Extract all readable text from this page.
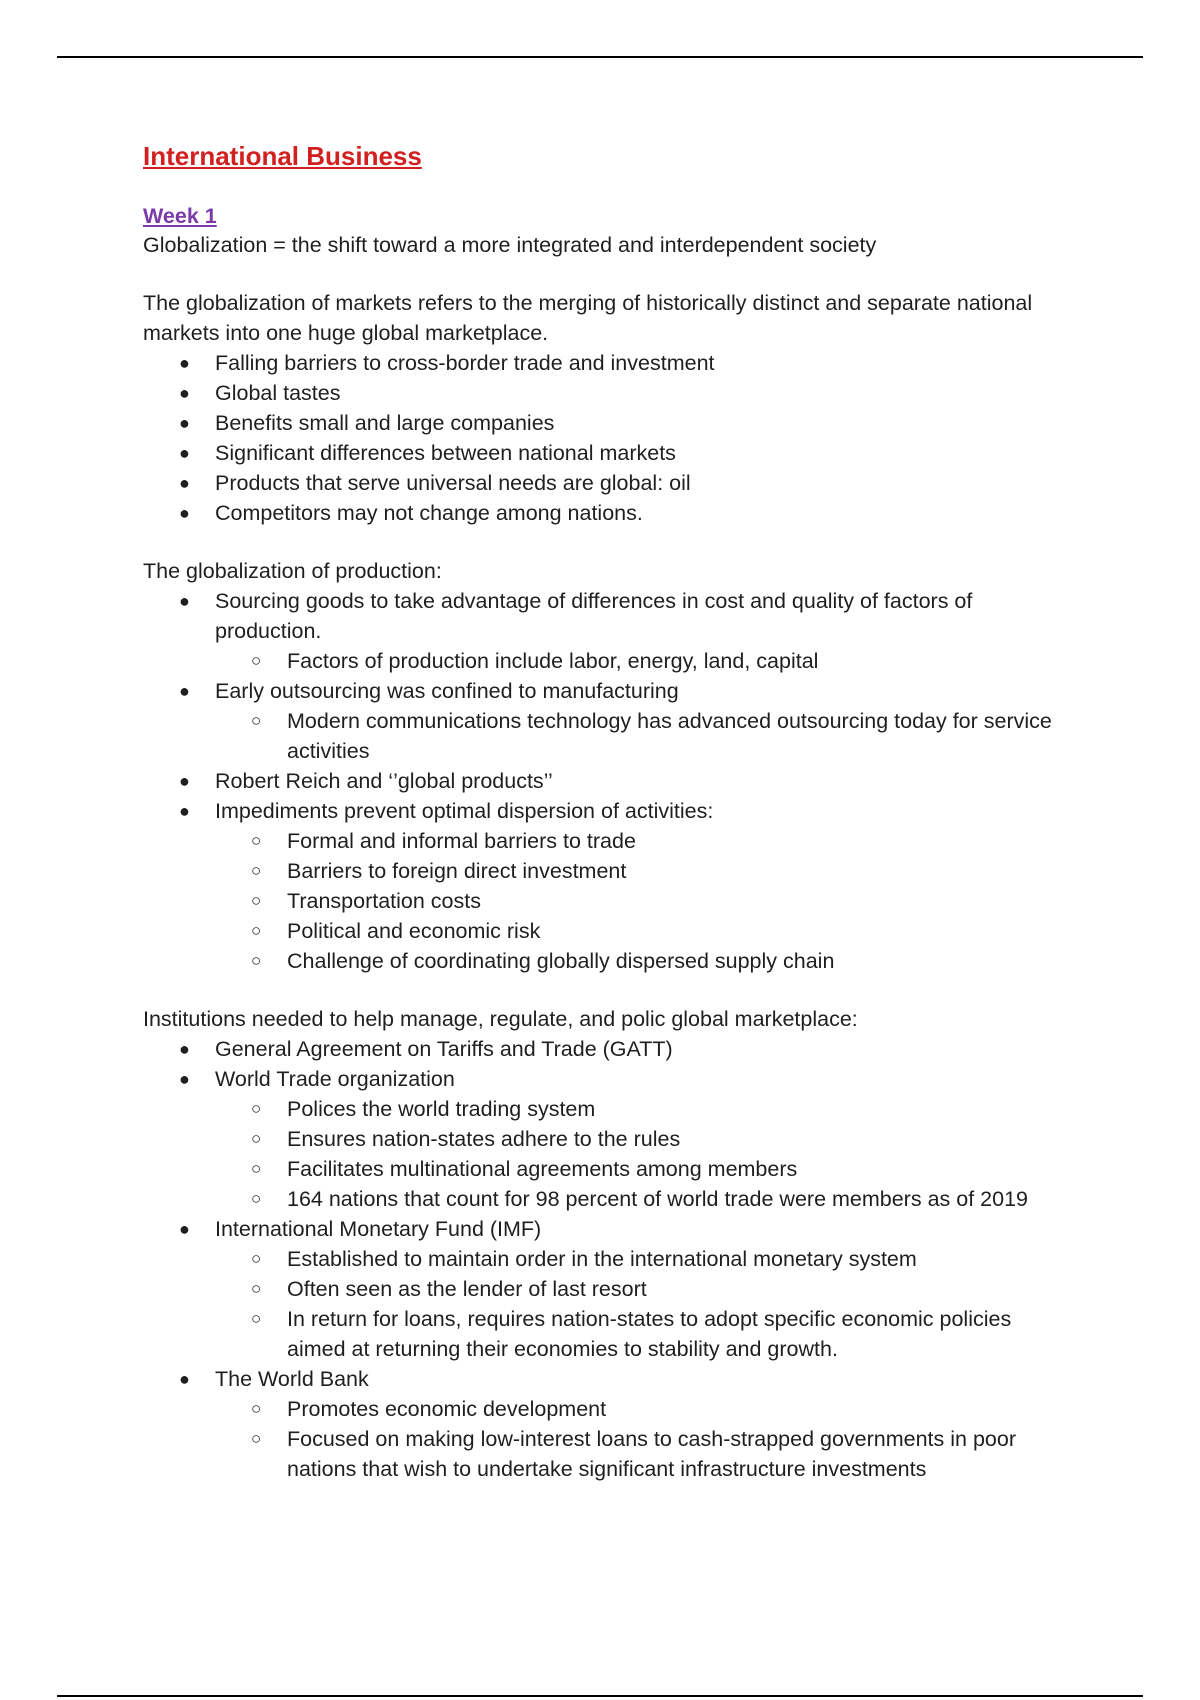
International Business
Week 1

Globalization = the shift toward a more integrated and interdependent society

The globalization of markets refers to the merging of historically distinct and separate national markets into one huge global marketplace.

● Falling barriers to cross-border trade and investment
● Global tastes
● Benefits small and large companies
● Significant differences between national markets
● Products that serve universal needs are global: oil
● Competitors may not change among nations.

The globalization of production:

● Sourcing goods to take advantage of differences in cost and quality of factors of production.
○ Factors of production include labor, energy, land, capital
● Early outsourcing was confined to manufacturing
○ Modern communications technology has advanced outsourcing today for service activities
● Robert Reich and ‘’global products’’
● Impediments prevent optimal dispersion of activities:
○ Formal and informal barriers to trade
○ Barriers to foreign direct investment
○ Transportation costs
○ Political and economic risk
○ Challenge of coordinating globally dispersed supply chain

Institutions needed to help manage, regulate, and polic global marketplace:

● General Agreement on Tariffs and Trade (GATT)
● World Trade organization
○ Polices the world trading system
○ Ensures nation-states adhere to the rules
○ Facilitates multinational agreements among members
○ 164 nations that count for 98 percent of world trade were members as of 2019
● International Monetary Fund (IMF)
○ Established to maintain order in the international monetary system
○ Often seen as the lender of last resort
○ In return for loans, requires nation-states to adopt specific economic policies aimed at returning their economies to stability and growth.
● The World Bank
○ Promotes economic development
○ Focused on making low-interest loans to cash-strapped governments in poor nations that wish to undertake significant infrastructure investments
